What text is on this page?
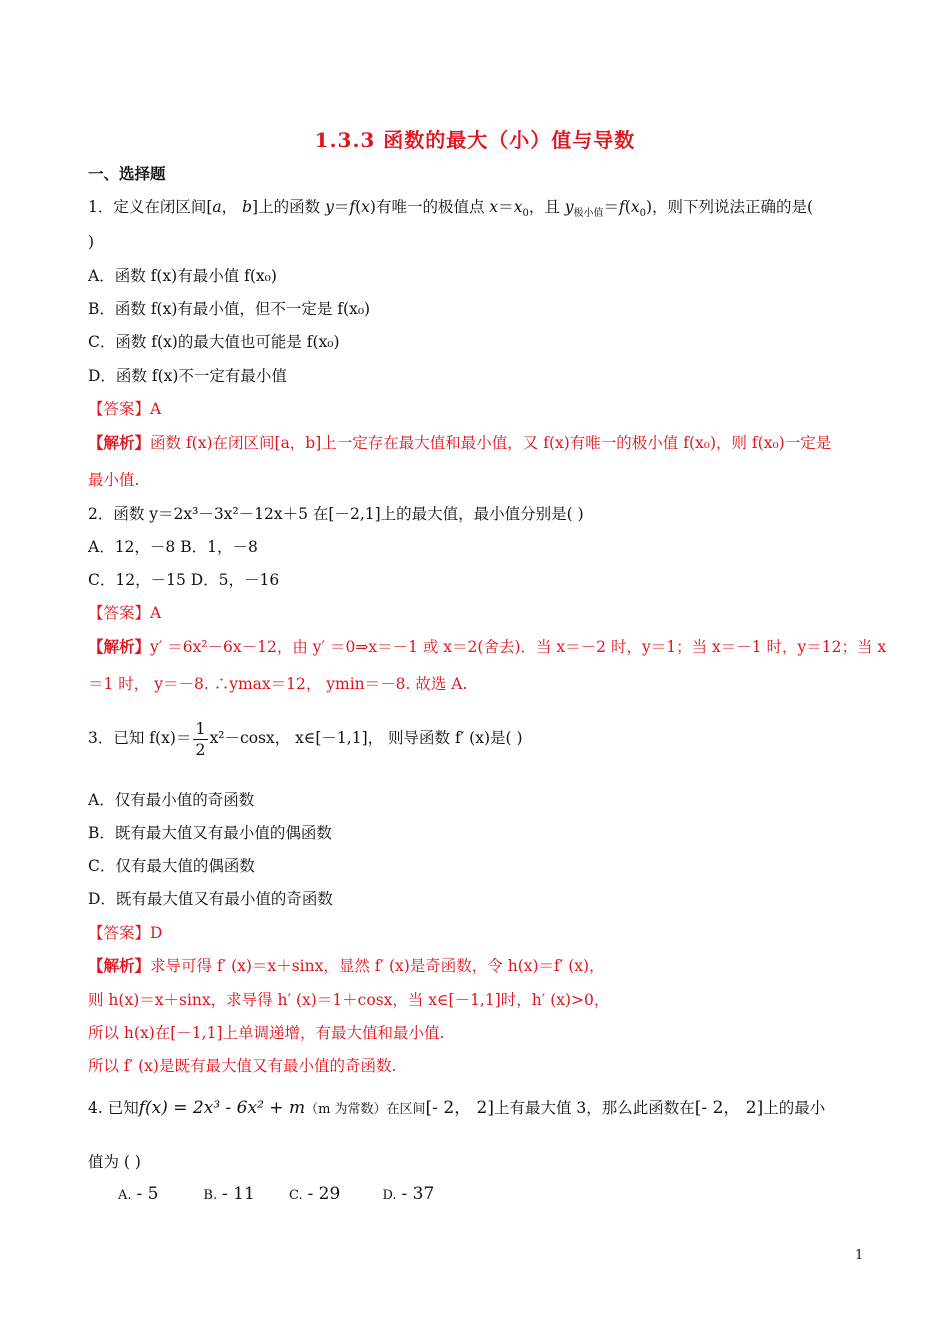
1.3.3 函数的最大（小）值与导数
一、选择题
1．定义在闭区间[a， b]上的函数 y＝f(x)有唯一的极值点 $x=x_0$，且 $y_{极小值}=f(x_0)$，则下列说法正确的是(
)
A．函数 f(x)有最小值 f(x₀)
B．函数 f(x)有最小值，但不一定是 f(x₀)
C．函数 f(x)的最大值也可能是 f(x₀)
D．函数 f(x)不一定有最小值
【答案】A
【解析】函数 f(x)在闭区间[a，b]上一定存在最大值和最小值，又 f(x)有唯一的极小值 f(x₀)，则 f(x₀)一定是
最小值.
2．函数 y＝2x³－3x²－12x＋5 在[－2,1]上的最大值，最小值分别是( )
A．12，－8 B．1，－8
C．12，－15 D．5，－16
【答案】A
【解析】y′ ＝6x²－6x－12，由 y′ ＝0⇒x＝－1 或 x＝2(舍去)．当 x＝－2 时，y＝1；当 x＝－1 时，y＝12；当 x
＝1 时， y＝－8. ∴ymax＝12， ymin＝－8. 故选 A.
3．已知 $f(x)= \frac{1}{2} x^2-\cos x$， x∈[－1,1]， 则导函数 f′ (x)是( )
A．仅有最小值的奇函数
B．既有最大值又有最小值的偶函数
C．仅有最大值的偶函数
D．既有最大值又有最小值的奇函数
【答案】D
【解析】求导可得 f′ (x)＝x＋sinx，显然 f′ (x)是奇函数，令 h(x)＝f′ (x)，
则 h(x)＝x＋sinx，求导得 h′ (x)＝1＋cosx，当 x∈[－1,1]时，h′ (x)>0，
所以 h(x)在[－1,1]上单调递增，有最大值和最小值.
所以 f′ (x)是既有最大值又有最小值的奇函数.
4. 已知f(x) = 2x³ - 6x² + m（m 为常数）在区间[- 2， 2]上有最大值 3，那么此函数在[- 2， 2]上的最小
值为 ( )
A. - 5	B. - 11	C. - 29	D. - 37
1
